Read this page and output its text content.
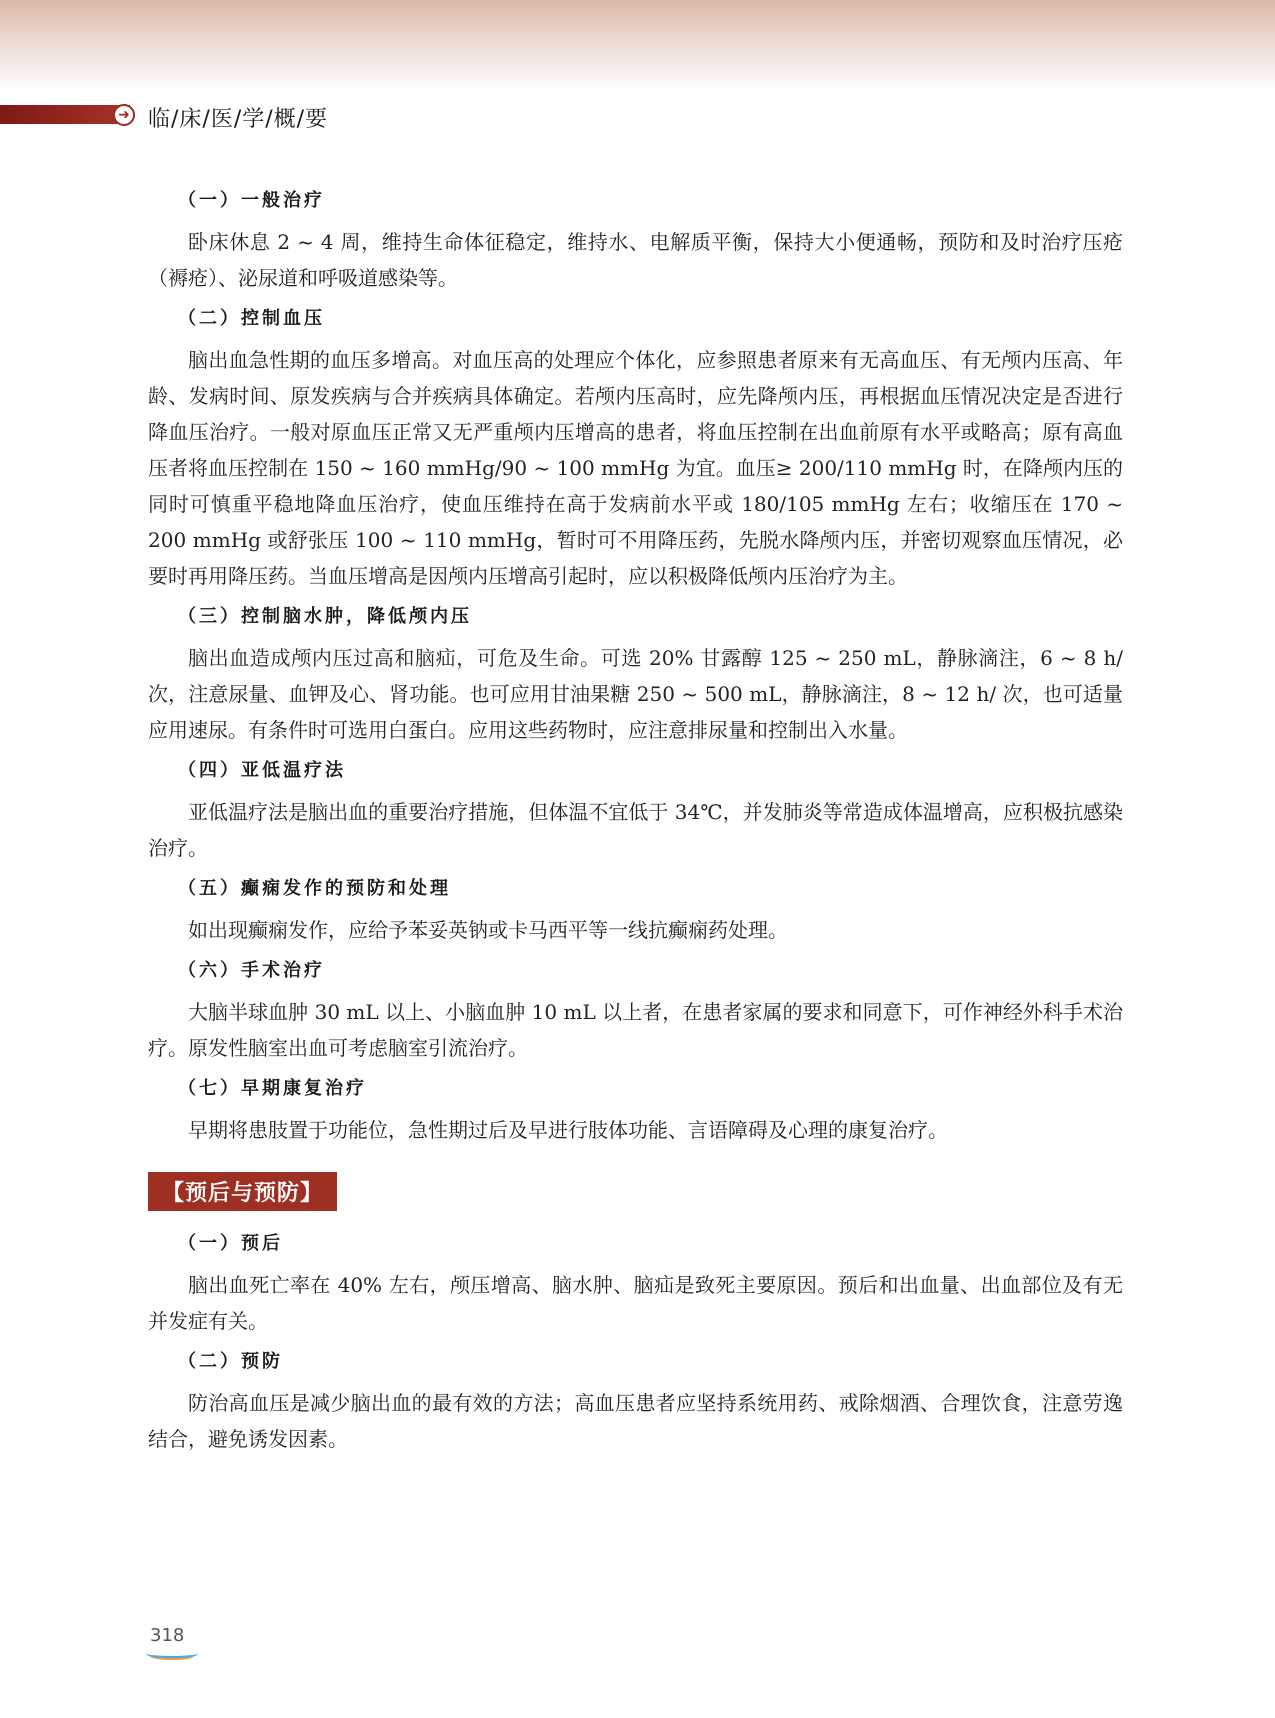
➜ 临/床/医/学/概/要
（一）一般治疗
卧床休息 2 ~ 4 周，维持生命体征稳定，维持水、电解质平衡，保持大小便通畅，预防和及时治疗压疮（褥疮）、泌尿道和呼吸道感染等。
（二）控制血压
脑出血急性期的血压多增高。对血压高的处理应个体化，应参照患者原来有无高血压、有无颅内压高、年龄、发病时间、原发疾病与合并疾病具体确定。若颅内压高时，应先降颅内压，再根据血压情况决定是否进行降血压治疗。一般对原血压正常又无严重颅内压增高的患者，将血压控制在出血前原有水平或略高；原有高血压者将血压控制在 150 ~ 160 mmHg/90 ~ 100 mmHg 为宜。血压≥ 200/110 mmHg 时，在降颅内压的同时可慎重平稳地降血压治疗，使血压维持在高于发病前水平或 180/105 mmHg 左右；收缩压在 170 ~ 200 mmHg 或舒张压 100 ~ 110 mmHg，暂时可不用降压药，先脱水降颅内压，并密切观察血压情况，必要时再用降压药。当血压增高是因颅内压增高引起时，应以积极降低颅内压治疗为主。
（三）控制脑水肿，降低颅内压
脑出血造成颅内压过高和脑疝，可危及生命。可选 20% 甘露醇 125 ~ 250 mL，静脉滴注，6 ~ 8 h/ 次，注意尿量、血钾及心、肾功能。也可应用甘油果糖 250 ~ 500 mL，静脉滴注，8 ~ 12 h/ 次，也可适量应用速尿。有条件时可选用白蛋白。应用这些药物时，应注意排尿量和控制出入水量。
（四）亚低温疗法
亚低温疗法是脑出血的重要治疗措施，但体温不宜低于 34℃，并发肺炎等常造成体温增高，应积极抗感染治疗。
（五）癫痫发作的预防和处理
如出现癫痫发作，应给予苯妥英钠或卡马西平等一线抗癫痫药处理。
（六）手术治疗
大脑半球血肿 30 mL 以上、小脑血肿 10 mL 以上者，在患者家属的要求和同意下，可作神经外科手术治疗。原发性脑室出血可考虑脑室引流治疗。
（七）早期康复治疗
早期将患肢置于功能位，急性期过后及早进行肢体功能、言语障碍及心理的康复治疗。
【预后与预防】
（一）预后
脑出血死亡率在 40% 左右，颅压增高、脑水肿、脑疝是致死主要原因。预后和出血量、出血部位及有无并发症有关。
（二）预防
防治高血压是减少脑出血的最有效的方法；高血压患者应坚持系统用药、戒除烟酒、合理饮食，注意劳逸结合，避免诱发因素。
318
